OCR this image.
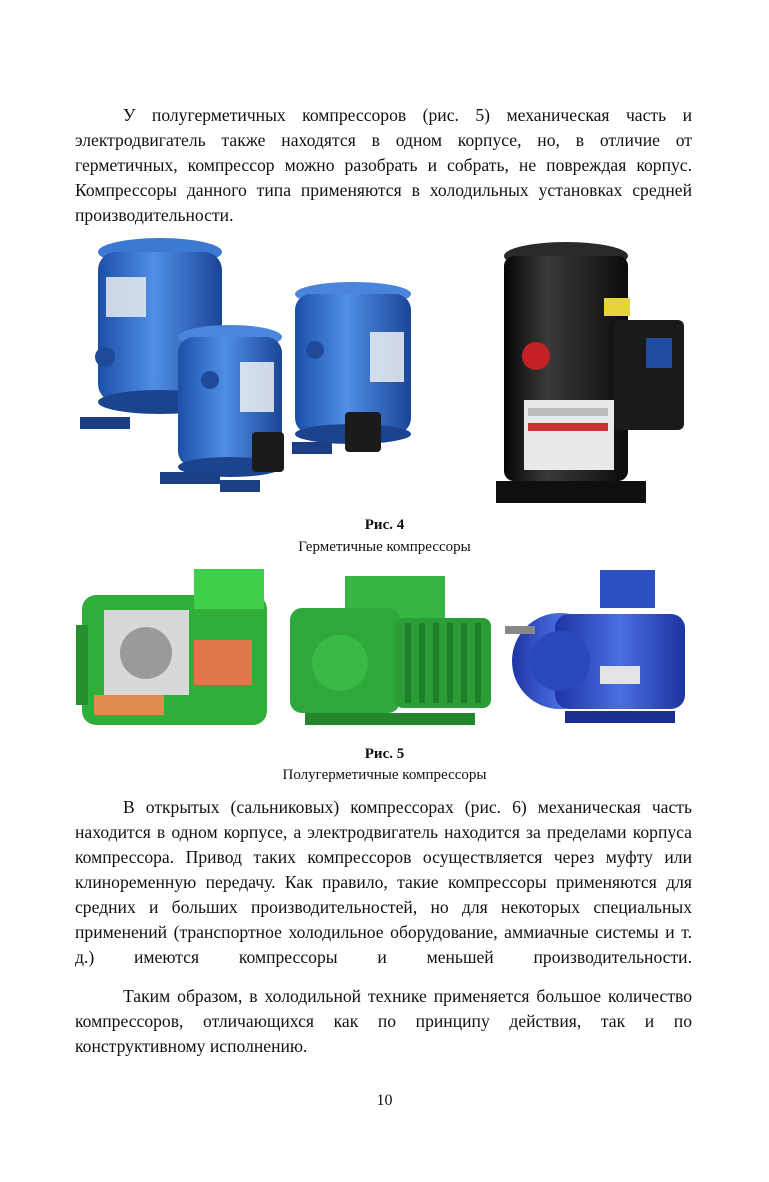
У полугерметичных компрессоров (рис. 5) механическая часть и электродвигатель также находятся в одном корпусе, но, в отличие от герметичных, компрессор можно разобрать и собрать, не повреждая корпус. Компрессоры данного типа применяются в холодильных установках средней производительности.

Рис. 4
Герметичные компрессоры
Рис. 5
Полугерметичные компрессоры

В открытых (сальниковых) компрессорах (рис. 6) механическая часть находится в одном корпусе, а электродвигатель находится за пределами корпуса компрессора. Привод таких компрессоров осуществляется через муфту или клиноременную передачу. Как правило, такие компрессоры применяются для средних и больших производительностей, но для некоторых специальных применений (транспортное холодильное оборудование, аммиачные системы и т. д.) имеются компрессоры и меньшей производительности.

Таким образом, в холодильной технике применяется большое количество компрессоров, отличающихся как по принципу действия, так и по конструктивному исполнению.

10
